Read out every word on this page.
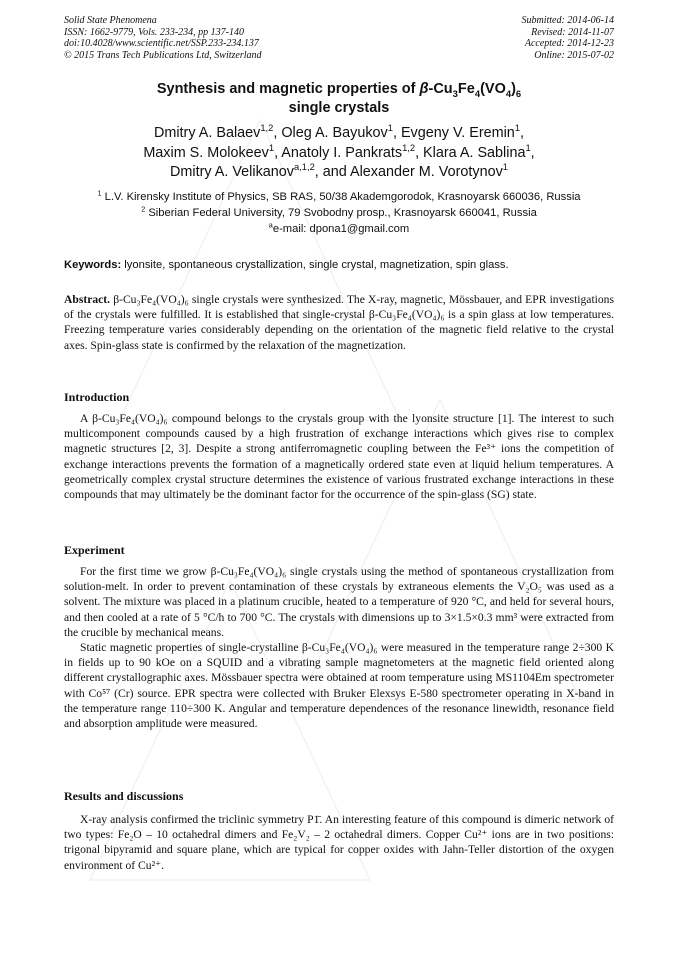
Solid State Phenomena
ISSN: 1662-9779, Vols. 233-234, pp 137-140
doi:10.4028/www.scientific.net/SSP.233-234.137
© 2015 Trans Tech Publications Ltd, Switzerland
Submitted: 2014-06-14
Revised: 2014-11-07
Accepted: 2014-12-23
Online: 2015-07-02
Synthesis and magnetic properties of $\beta-Cu_3Fe_4(VO_4)_6$
single crystals
Dmitry A. Balaev$^{1,2}$, Oleg A. Bayukov$^1$, Evgeny V. Eremin$^1$,
Maxim S. Molokeev$^1$, Anatoly I. Pankrats$^{1,2}$, Klara A. Sablina$^1$,
Dmitry A. Velikanov$^{a,1,2}$, and Alexander M. Vorotynov$^1$
$^1$ L.V. Kirensky Institute of Physics, SB RAS, 50/38 Akademgorodok, Krasnoyarsk 660036, Russia
$^2$ Siberian Federal University, 79 Svobodny prosp., Krasnoyarsk 660041, Russia
$^a$e-mail: dpona1@gmail.com
Keywords: lyonsite, spontaneous crystallization, single crystal, magnetization, spin glass.

Abstract. β-Cu₃Fe₄(VO₄)₆ single crystals were synthesized. The X-ray, magnetic, Mössbauer, and EPR investigations of the crystals were fulfilled. It is established that single-crystal β-Cu₃Fe₄(VO₄)₆ is a spin glass at low temperatures. Freezing temperature varies considerably depending on the orientation of the magnetic field relative to the crystal axes. Spin-glass state is confirmed by the relaxation of the magnetization.

Introduction

A β-Cu₃Fe₄(VO₄)₆ compound belongs to the crystals group with the lyonsite structure [1]. The interest to such multicomponent compounds caused by a high frustration of exchange interactions which gives rise to complex magnetic structures [2, 3]. Despite a strong antiferromagnetic coupling between the Fe³⁺ ions the competition of exchange interactions prevents the formation of a magnetically ordered state even at liquid helium temperatures. A geometrically complex crystal structure determines the existence of various frustrated exchange interactions in these compounds that may ultimately be the dominant factor for the occurrence of the spin-glass (SG) state.

Experiment

For the first time we grow β-Cu₃Fe₄(VO₄)₆ single crystals using the method of spontaneous crystallization from solution-melt. In order to prevent contamination of these crystals by extraneous elements the V₂O₅ was used as a solvent. The mixture was placed in a platinum crucible, heated to a temperature of 920 °C, and held for several hours, and then cooled at a rate of 5 °C/h to 700 °C. The crystals with dimensions up to 3×1.5×0.3 mm³ were extracted from the crucible by mechanical means.

Static magnetic properties of single-crystalline β-Cu₃Fe₄(VO₄)₆ were measured in the temperature range 2÷300 K in fields up to 90 kOe on a SQUID and a vibrating sample magnetometers at the magnetic field oriented along different crystallographic axes. Mössbauer spectra were obtained at room temperature using MS1104Em spectrometer with Co⁵⁷ (Cr) source. EPR spectra were collected with Bruker Elexsys E-580 spectrometer operating in X-band in the temperature range 110÷300 K. Angular and temperature dependences of the resonance linewidth, resonance field and absorption amplitude were measured.

Results and discussions

X-ray analysis confirmed the triclinic symmetry P1̄. An interesting feature of this compound is dimeric network of two types: Fe₂O – 10 octahedral dimers and Fe₂V₂ – 2 octahedral dimers. Copper Cu²⁺ ions are in two positions: trigonal bipyramid and square plane, which are typical for copper oxides with Jahn-Teller distortion of the oxygen environment of Cu²⁺.
